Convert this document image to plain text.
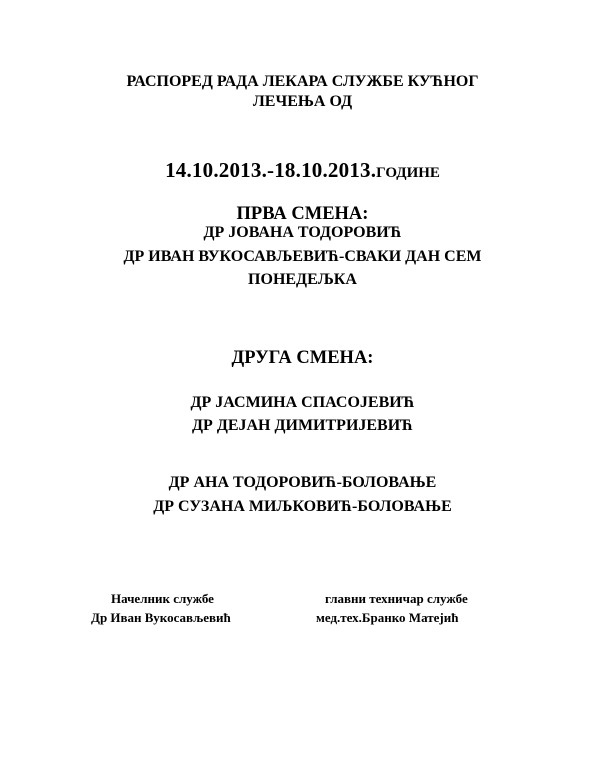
РАСПОРЕД РАДА ЛЕКАРА СЛУЖБЕ КУЋНОГ
ЛЕЧЕЊА ОД
14.10.2013.-18.10.2013.ГОДИНЕ
ПРВА СМЕНА:
ДР ЈОВАНА ТОДОРОВИЋ
ДР ИВАН ВУКОСАВЉЕВИЋ-СВАКИ ДАН СЕМ
ПОНЕДЕЉКА
ДРУГА СМЕНА:
ДР ЈАСМИНА СПАСОЈЕВИЋ
ДР ДЕЈАН ДИМИТРИЈЕВИЋ
ДР АНА ТОДОРОВИЋ-БОЛОВАЊЕ
ДР СУЗАНА МИЉКОВИЋ-БОЛОВАЊЕ
Начелник службе
Др Иван Вукосављевић
главни техничар службе
мед.тех.Бранко Матејић
